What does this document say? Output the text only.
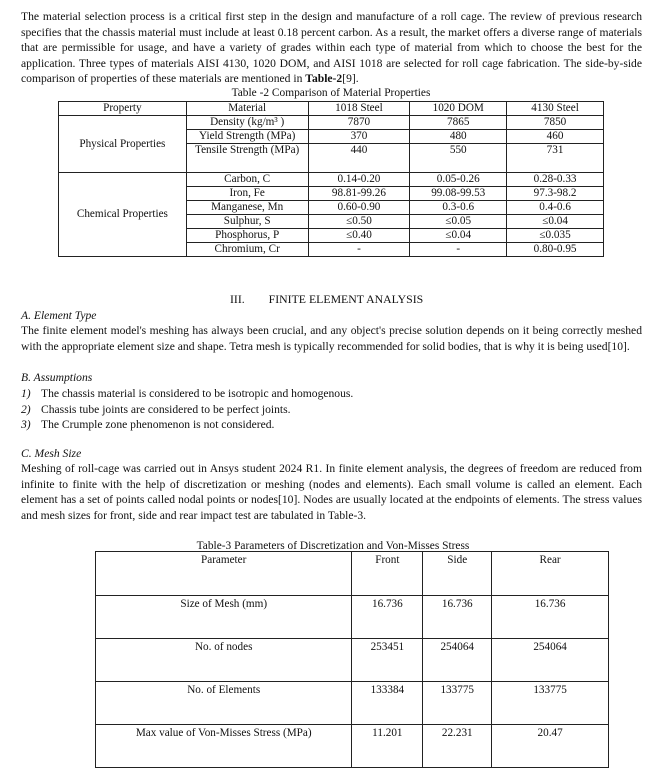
The material selection process is a critical first step in the design and manufacture of a roll cage. The review of previous research specifies that the chassis material must include at least 0.18 percent carbon. As a result, the market offers a diverse range of materials that are permissible for usage, and have a variety of grades within each type of material from which to choose the best for the application. Three types of materials AISI 4130, 1020 DOM, and AISI 1018 are selected for roll cage fabrication. The side-by-side comparison of properties of these materials are mentioned in Table-2[9].

Table -2 Comparison of Material Properties
Property	Material	1018 Steel	1020 DOM	4130 Steel
Physical Properties	Density (kg/m³ )	7870	7865	7850
	Yield Strength (MPa)	370	480	460
	Tensile Strength (MPa)	440	550	731
Chemical Properties	Carbon, C	0.14-0.20	0.05-0.26	0.28-0.33
	Iron, Fe	98.81-99.26	99.08-99.53	97.3-98.2
	Manganese, Mn	0.60-0.90	0.3-0.6	0.4-0.6
	Sulphur, S	≤0.50	≤0.05	≤0.04
	Phosphorus, P	≤0.40	≤0.04	≤0.035
	Chromium, Cr	-	-	0.80-0.95
III. FINITE ELEMENT ANALYSIS
A. Element Type

The finite element model's meshing has always been crucial, and any object's precise solution depends on it being correctly meshed with the appropriate element size and shape. Tetra mesh is typically recommended for solid bodies, that is why it is being used[10].

B. Assumptions
1) The chassis material is considered to be isotropic and homogenous.
2) Chassis tube joints are considered to be perfect joints.
3) The Crumple zone phenomenon is not considered.
C. Mesh Size

Meshing of roll-cage was carried out in Ansys student 2024 R1. In finite element analysis, the degrees of freedom are reduced from infinite to finite with the help of discretization or meshing (nodes and elements). Each small volume is called an element. Each element has a set of points called nodal points or nodes[10]. Nodes are usually located at the endpoints of elements. The stress values and mesh sizes for front, side and rear impact test are tabulated in Table-3.

Table-3 Parameters of Discretization and Von-Misses Stress
Parameter	Front	Side	Rear
Size of Mesh (mm)	16.736	16.736	16.736
No. of nodes	253451	254064	254064
No. of Elements	133384	133775	133775
Max value of Von-Misses Stress (MPa)	11.201	22.231	20.47
